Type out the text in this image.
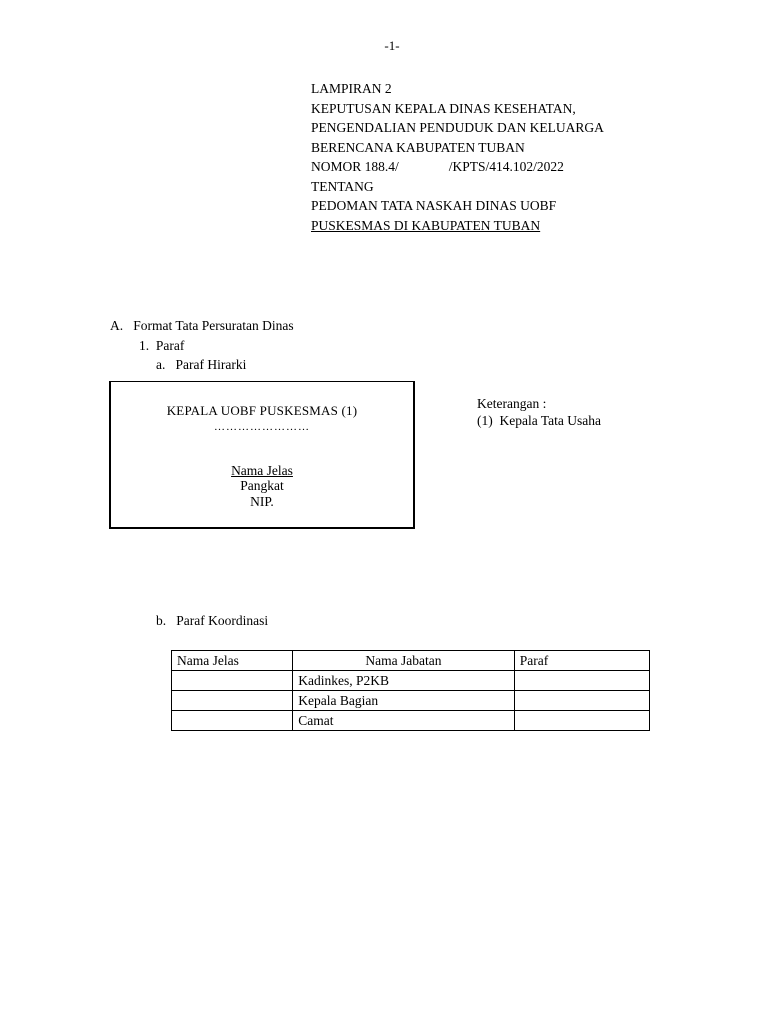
-1-
LAMPIRAN 2
KEPUTUSAN KEPALA DINAS KESEHATAN,
PENGENDALIAN PENDUDUK DAN KELUARGA
BERENCANA KABUPATEN TUBAN
NOMOR 188.4/	/KPTS/414.102/2022
TENTANG
PEDOMAN TATA NASKAH DINAS UOBF
PUSKESMAS DI KABUPATEN TUBAN
A.   Format Tata Persuratan Dinas
1.  Paraf
a.   Paraf Hirarki
KEPALA UOBF PUSKESMAS (1)
……………………
Nama Jelas
Pangkat
NIP.
Keterangan :
(1)  Kepala Tata Usaha
b.   Paraf Koordinasi
Nama Jelas	Nama Jabatan	Paraf
	Kadinkes, P2KB	
	Kepala Bagian	
	Camat	
